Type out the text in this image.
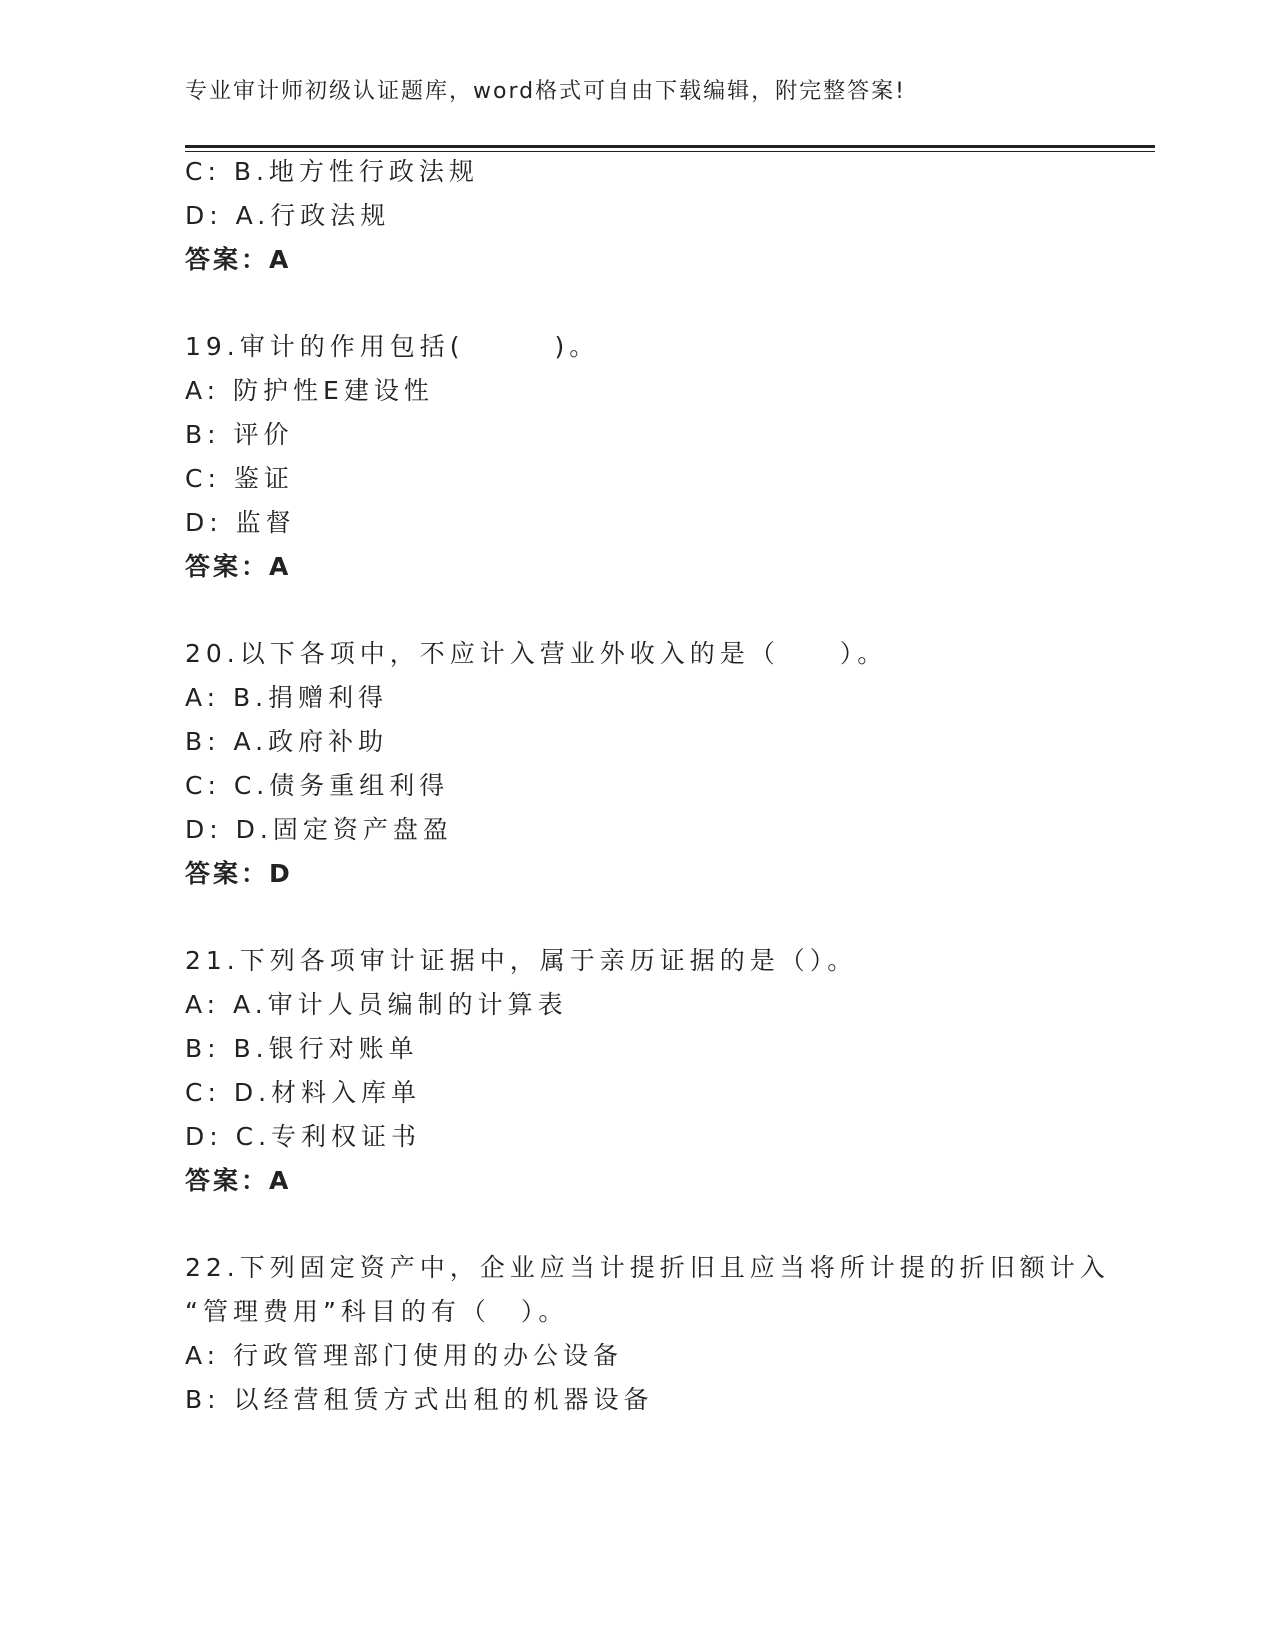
专业审计师初级认证题库，word格式可自由下载编辑，附完整答案!
C: B.地方性行政法规
D: A.行政法规
答案：A
19.审计的作用包括(　　　)。
A: 防护性E建设性
B: 评价
C: 鉴证
D: 监督
答案：A
20.以下各项中，不应计入营业外收入的是（　　）。
A: B.捐赠利得
B: A.政府补助
C: C.债务重组利得
D: D.固定资产盘盈
答案：D
21.下列各项审计证据中，属于亲历证据的是（）。
A: A.审计人员编制的计算表
B: B.银行对账单
C: D.材料入库单
D: C.专利权证书
答案：A
22.下列固定资产中，企业应当计提折旧且应当将所计提的折旧额计入
“管理费用”科目的有（　）。
A: 行政管理部门使用的办公设备
B: 以经营租赁方式出租的机器设备
